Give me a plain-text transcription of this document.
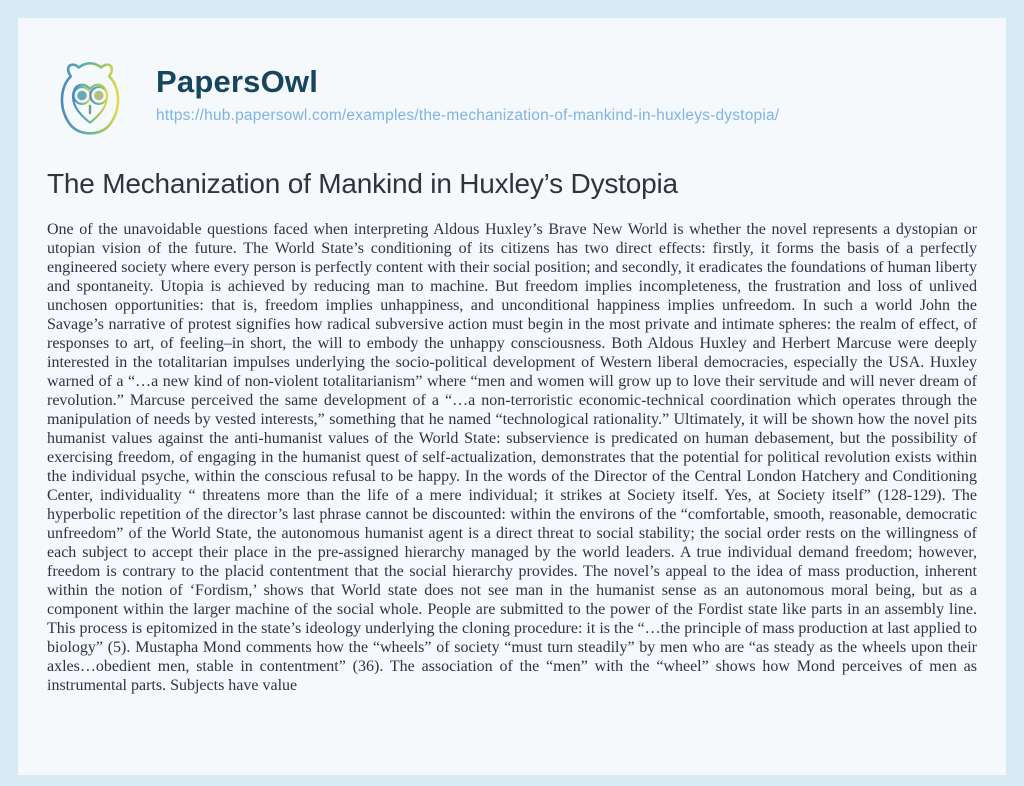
PapersOwl
https://hub.papersowl.com/examples/the-mechanization-of-mankind-in-huxleys-dystopia/
The Mechanization of Mankind in Huxley’s Dystopia

One of the unavoidable questions faced when interpreting Aldous Huxley’s Brave New World is whether the novel represents a dystopian or utopian vision of the future. The World State’s conditioning of its citizens has two direct effects: firstly, it forms the basis of a perfectly engineered society where every person is perfectly content with their social position; and secondly, it eradicates the foundations of human liberty and spontaneity. Utopia is achieved by reducing man to machine. But freedom implies incompleteness, the frustration and loss of unlived unchosen opportunities: that is, freedom implies unhappiness, and unconditional happiness implies unfreedom. In such a world John the Savage’s narrative of protest signifies how radical subversive action must begin in the most private and intimate spheres: the realm of effect, of responses to art, of feeling–in short, the will to embody the unhappy consciousness. Both Aldous Huxley and Herbert Marcuse were deeply interested in the totalitarian impulses underlying the socio-political development of Western liberal democracies, especially the USA. Huxley warned of a “…a new kind of non-violent totalitarianism” where “men and women will grow up to love their servitude and will never dream of revolution.” Marcuse perceived the same development of a “…a non-terroristic economic-technical coordination which operates through the manipulation of needs by vested interests,” something that he named “technological rationality.” Ultimately, it will be shown how the novel pits humanist values against the anti-humanist values of the World State: subservience is predicated on human debasement, but the possibility of exercising freedom, of engaging in the humanist quest of self-actualization, demonstrates that the potential for political revolution exists within the individual psyche, within the conscious refusal to be happy. In the words of the Director of the Central London Hatchery and Conditioning Center, individuality “ threatens more than the life of a mere individual; it strikes at Society itself. Yes, at Society itself” (128-129). The hyperbolic repetition of the director’s last phrase cannot be discounted: within the environs of the “comfortable, smooth, reasonable, democratic unfreedom” of the World State, the autonomous humanist agent is a direct threat to social stability; the social order rests on the willingness of each subject to accept their place in the pre-assigned hierarchy managed by the world leaders. A true individual demand freedom; however, freedom is contrary to the placid contentment that the social hierarchy provides. The novel’s appeal to the idea of mass production, inherent within the notion of ‘Fordism,’ shows that World state does not see man in the humanist sense as an autonomous moral being, but as a component within the larger machine of the social whole. People are submitted to the power of the Fordist state like parts in an assembly line. This process is epitomized in the state’s ideology underlying the cloning procedure: it is the “…the principle of mass production at last applied to biology” (5). Mustapha Mond comments how the “wheels” of society “must turn steadily” by men who are “as steady as the wheels upon their axles…obedient men, stable in contentment” (36). The association of the “men” with the “wheel” shows how Mond perceives of men as instrumental parts. Subjects have value
